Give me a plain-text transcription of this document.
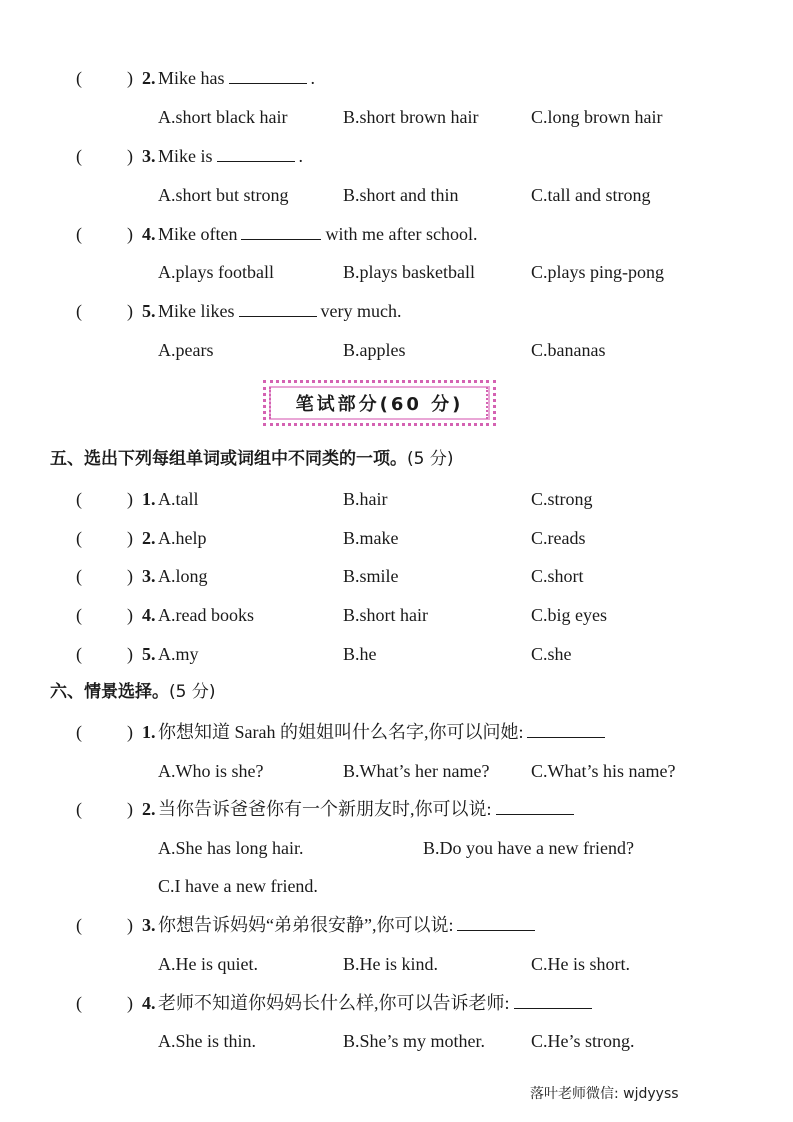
(	) 2. Mike has	.
A.short black hair	B.short brown hair	C.long brown hair
(	) 3. Mike is	.
A.short but strong	B.short and thin	C.tall and strong
(	) 4. Mike often	with me after school.
A.plays football	B.plays basketball	C.plays ping-pong
(	) 5. Mike likes	very much.
A.pears	B.apples	C.bananas
笔试部分(60 分)
五、选出下列每组单词或词组中不同类的一项。(5 分)
(	) 1. A.tall	B.hair	C.strong
(	) 2. A.help	B.make	C.reads
(	) 3. A.long	B.smile	C.short
(	) 4. A.read books	B.short hair	C.big eyes
(	) 5. A.my	B.he	C.she
六、情景选择。(5 分)
(	) 1. 你想知道 Sarah 的姐姐叫什么名字,你可以问她:
A.Who is she?	B.What’s her name? C.What’s his name?
(	) 2. 当你告诉爸爸你有一个新朋友时,你可以说:
A.She has long hair.	B.Do you have a new friend?
C.I have a new friend.
(	) 3. 你想告诉妈妈“弟弟很安静”,你可以说:
A.He is quiet.	B.He is kind.	C.He is short.
(	) 4. 老师不知道你妈妈长什么样,你可以告诉老师:
A.She is thin.	B.She’s my mother.	C.He’s strong.
落叶老师微信: wjdyyss
